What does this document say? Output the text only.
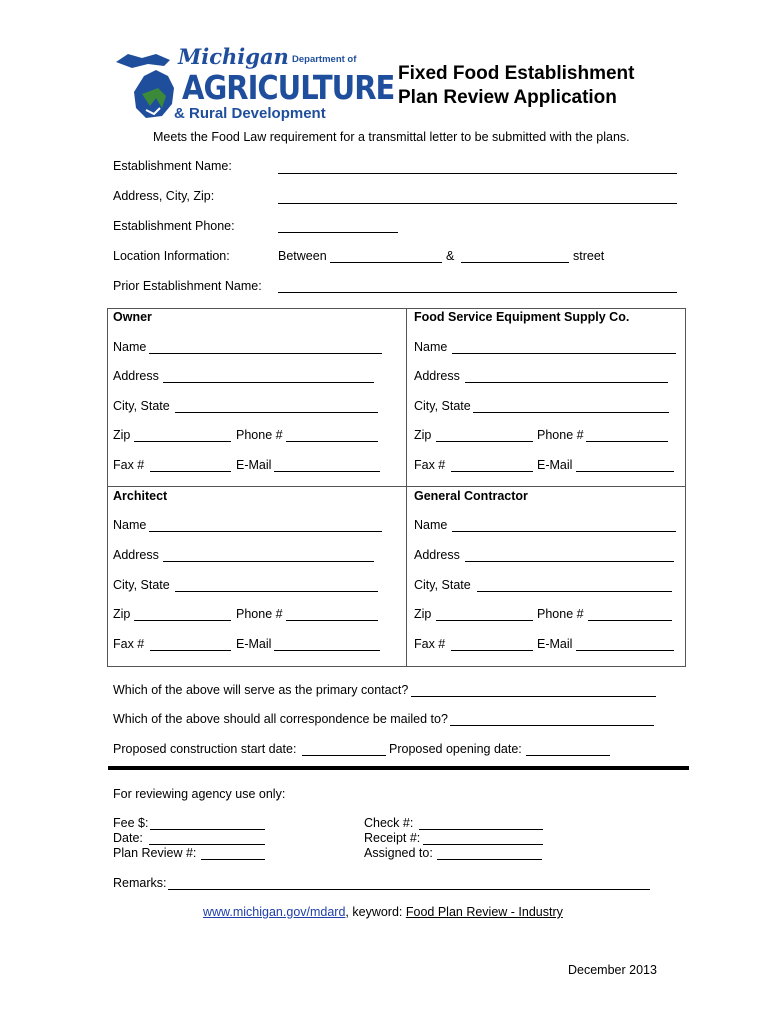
Michigan Department of
AGRICULTURE
& Rural Development
Fixed Food Establishment
Plan Review Application
Meets the Food Law requirement for a transmittal letter to be submitted with the plans.
Establishment Name:
Address, City, Zip:
Establishment Phone:
Location Information:	Between	&	street
Prior Establishment Name:
Owner
Name
Address
City, State
Zip	Phone #
Fax #	E-Mail
Food Service Equipment Supply Co.
Name
Address
City, State
Zip	Phone #
Fax #	E-Mail
Architect
Name
Address
City, State
Zip	Phone #
Fax #	E-Mail
General Contractor
Name
Address
City, State
Zip	Phone #
Fax #	E-Mail
Which of the above will serve as the primary contact?
Which of the above should all correspondence be mailed to?
Proposed construction start date:	Proposed opening date:
For reviewing agency use only:
Fee $:
Date:
Plan Review #:
Check #:
Receipt #:
Assigned to:
Remarks:
www.michigan.gov/mdard, keyword: Food Plan Review - Industry
December 2013
